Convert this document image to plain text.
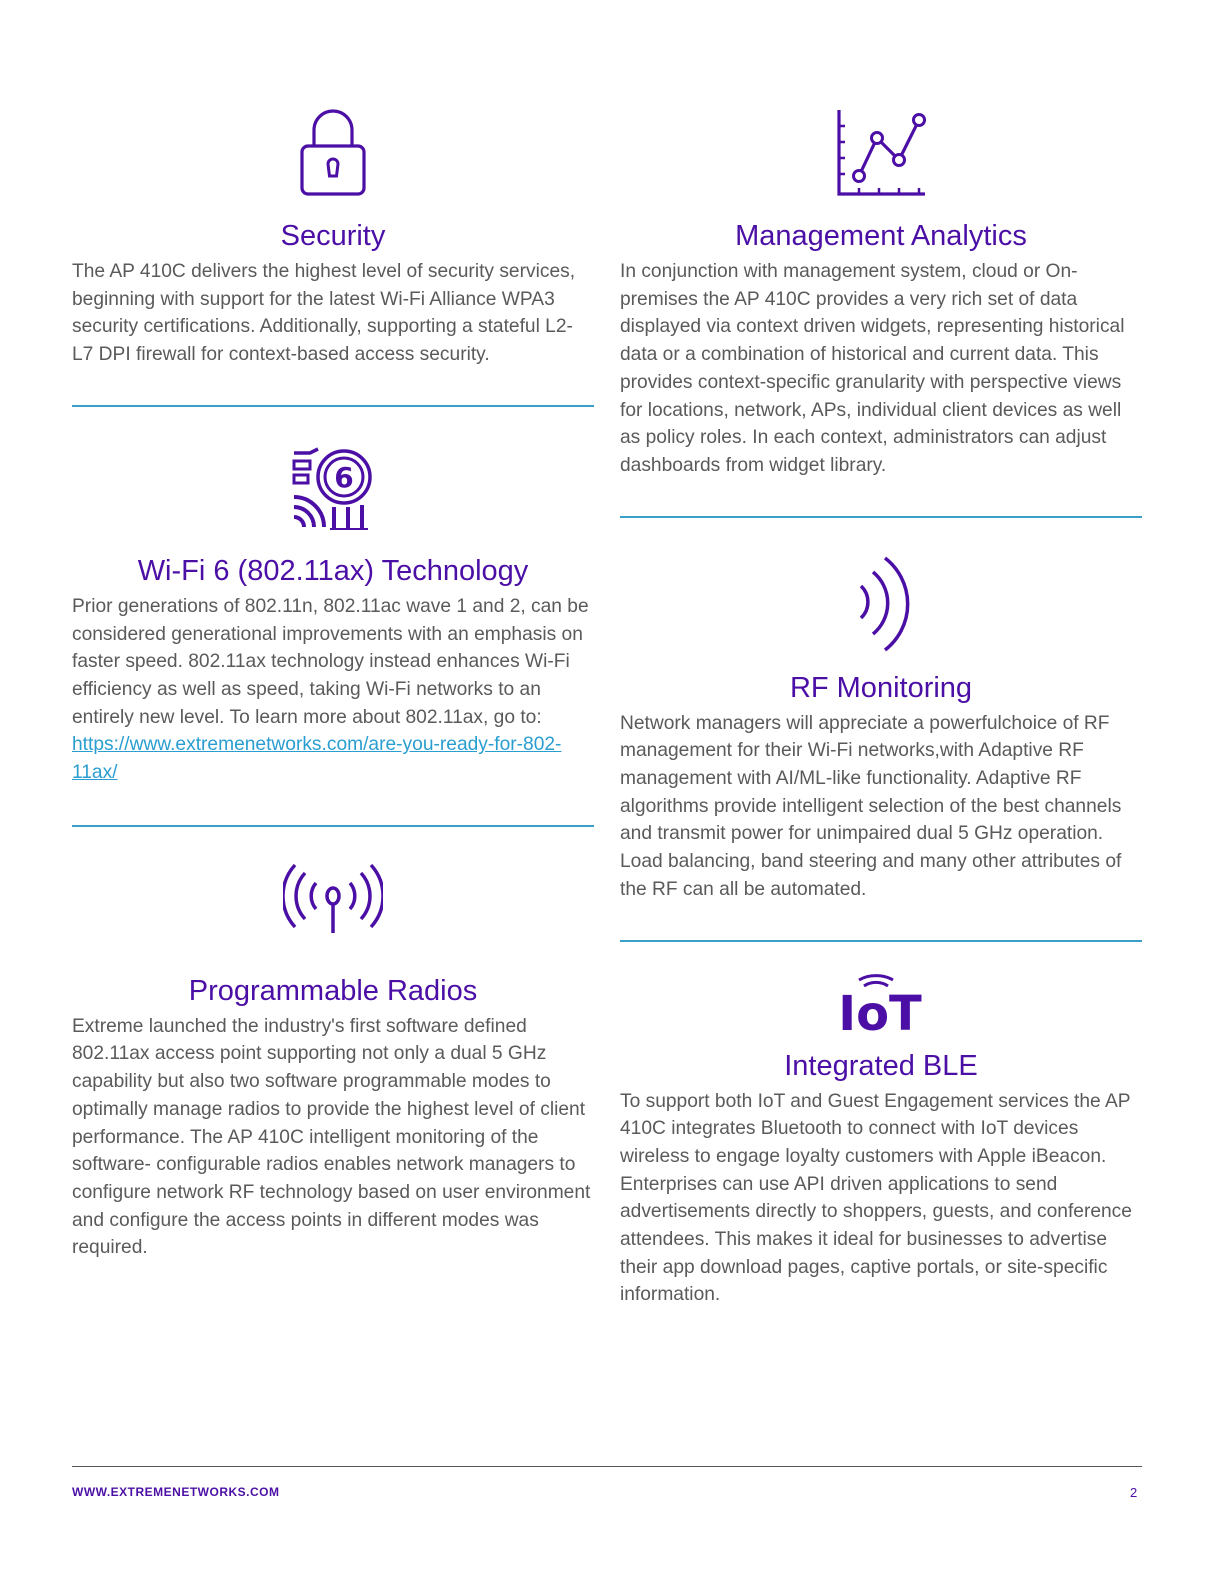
Security

The AP 410C delivers the highest level of security services, beginning with support for the latest Wi-Fi Alliance WPA3 security certifications. Additionally, supporting a stateful L2-L7 DPI firewall for context-based access security.

6
Wi-Fi 6 (802.11ax) Technology

Prior generations of 802.11n, 802.11ac wave 1 and 2, can be considered generational improvements with an emphasis on faster speed. 802.11ax technology instead enhances Wi-Fi efficiency as well as speed, taking Wi-Fi networks to an entirely new level. To learn more about 802.11ax, go to: https://www.extremenetworks.com/are-you-ready-for-802-11ax/

Programmable Radios

Extreme launched the industry's first software defined 802.11ax access point supporting not only a dual 5 GHz capability but also two software programmable modes to optimally manage radios to provide the highest level of client performance. The AP 410C intelligent monitoring of the software- configurable radios enables network managers to configure network RF technology based on user environment and configure the access points in different modes was required.

Management Analytics

In conjunction with management system, cloud or On-premises the AP 410C provides a very rich set of data displayed via context driven widgets, representing historical data or a combination of historical and current data. This provides context-specific granularity with perspective views for locations, network, APs, individual client devices as well as policy roles. In each context, administrators can adjust dashboards from widget library.

RF Monitoring

Network managers will appreciate a powerfulchoice of RF management for their Wi-Fi networks,with Adaptive RF management with AI/ML-like functionality. Adaptive RF algorithms provide intelligent selection of the best channels and transmit power for unimpaired dual 5 GHz operation. Load balancing, band steering and many other attributes of the RF can all be automated.

IoT
Integrated BLE

To support both IoT and Guest Engagement services the AP 410C integrates Bluetooth to connect with IoT devices wireless to engage loyalty customers with Apple iBeacon. Enterprises can use API driven applications to send advertisements directly to shoppers, guests, and conference attendees. This makes it ideal for businesses to advertise their app download pages, captive portals, or site-specific information.

WWW.EXTREMENETWORKS.COM	2
